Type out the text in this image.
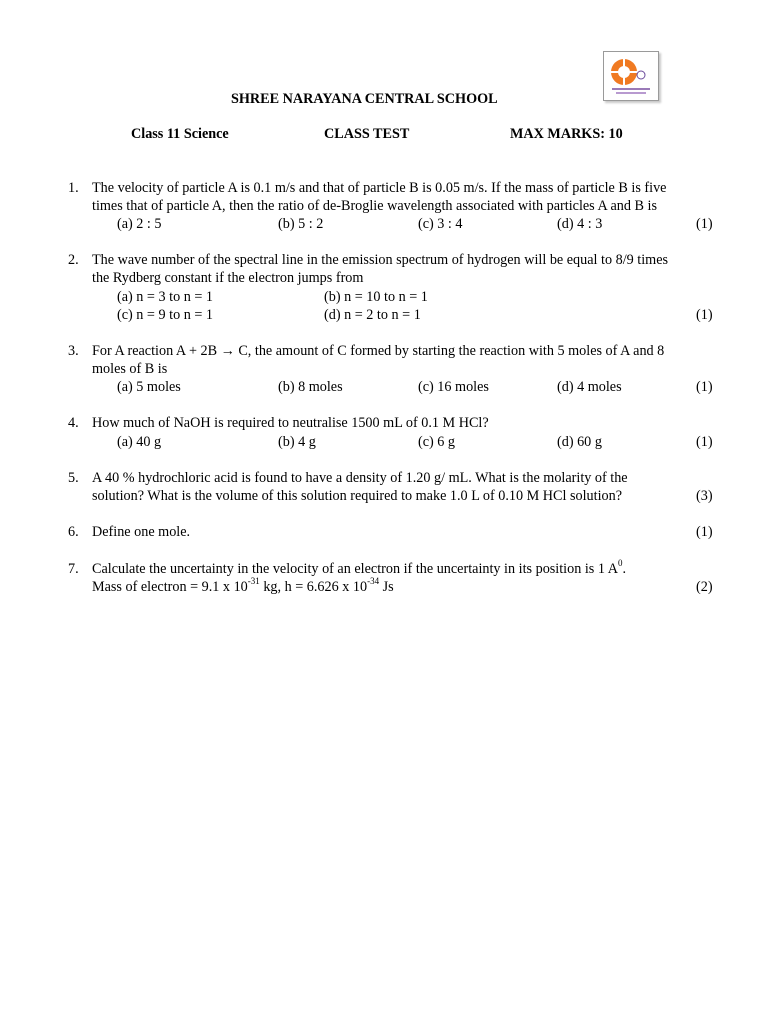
SHREE NARAYANA CENTRAL SCHOOL
Class 11 Science	CLASS TEST	MAX MARKS: 10
1. The velocity of particle A is 0.1 m/s and that of particle B is 0.05 m/s. If the mass of particle B is five
times that of particle A, then the ratio of de-Broglie wavelength associated with particles A and B is
(a) 2 : 5	(b) 5 : 2	(c) 3 : 4	(d) 4 : 3	(1)
2. The wave number of the spectral line in the emission spectrum of hydrogen will be equal to 8/9 times
the Rydberg constant if the electron jumps from
(a) n = 3 to n = 1	(b) n = 10 to n = 1
(c) n = 9 to n = 1	(d) n = 2 to n = 1	(1)
3. For A reaction A + 2B → C, the amount of C formed by starting the reaction with 5 moles of A and 8
moles of B is
(a) 5 moles	(b) 8 moles	(c) 16 moles	(d) 4 moles	(1)
4. How much of NaOH is required to neutralise 1500 mL of 0.1 M HCl?
(a) 40 g	(b) 4 g	(c) 6 g	(d) 60 g	(1)
5. A 40 % hydrochloric acid is found to have a density of 1.20 g/ mL. What is the molarity of the
solution? What is the volume of this solution required to make 1.0 L of 0.10 M HCl solution?	(3)
6. Define one mole.	(1)
7. Calculate the uncertainty in the velocity of an electron if the uncertainty in its position is 1 $A^0$.
Mass of electron = 9.1 x $10^{-31}$ kg, h = 6.626 x $10^{-34}$ Js	(2)
